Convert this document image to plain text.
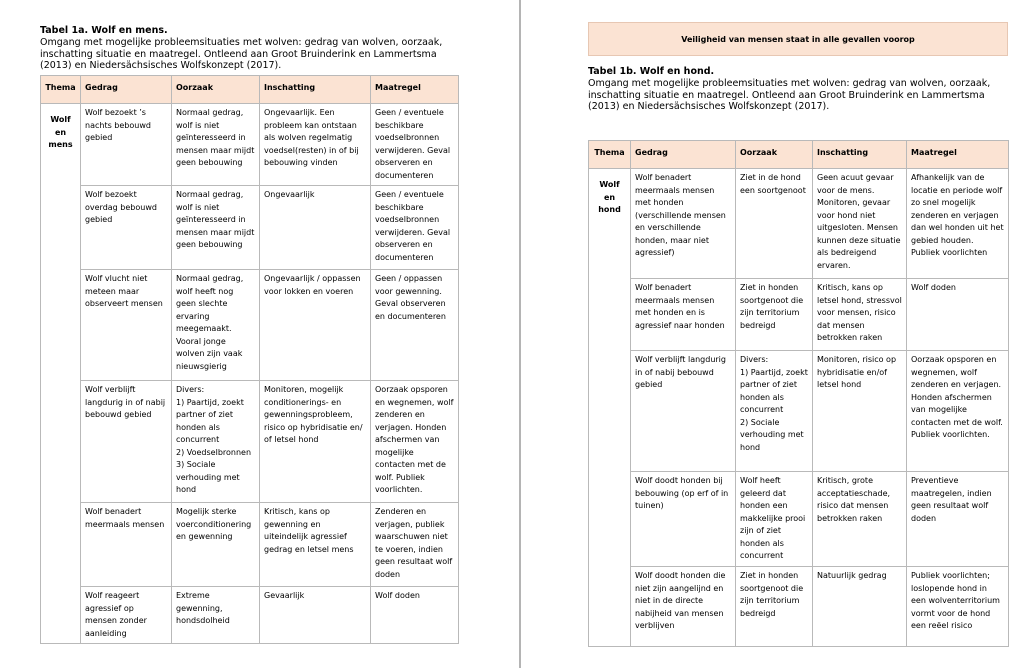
Tabel 1a. Wolf en mens.
Omgang met mogelijke probleemsituaties met wolven: gedrag van wolven, oorzaak, inschatting situatie en maatregel. Ontleend aan Groot Bruinderink en Lammertsma (2013) en Niedersächsisches Wolfskonzept (2017).
Thema	Gedrag	Oorzaak	Inschatting	Maatregel
Wolf en mens	Wolf bezoekt ’s nachts bebouwd gebied	Normaal gedrag, wolf is niet geïnteresseerd in mensen maar mijdt geen bebouwing	Ongevaarlijk. Een probleem kan ontstaan als wolven regelmatig voedsel(resten) in of bij bebouwing vinden	Geen / eventuele beschikbare voedselbronnen verwijderen. Geval observeren en documenteren
	Wolf bezoekt overdag bebouwd gebied	Normaal gedrag, wolf is niet geïnteresseerd in mensen maar mijdt geen bebouwing	Ongevaarlijk	Geen / eventuele beschikbare voedselbronnen verwijderen. Geval observeren en documenteren
	Wolf vlucht niet meteen maar observeert mensen	Normaal gedrag, wolf heeft nog geen slechte ervaring meegemaakt. Vooral jonge wolven zijn vaak nieuwsgierig	Ongevaarlijk / oppassen voor lokken en voeren	Geen / oppassen voor gewenning. Geval observeren en documenteren
	Wolf verblijft langdurig in of nabij bebouwd gebied	Divers:
1) Paartijd, zoekt partner of ziet honden als concurrent
2) Voedselbronnen
3) Sociale verhouding met hond	Monitoren, mogelijk conditionerings- en gewenningsprobleem, risico op hybridisatie en/ of letsel hond	Oorzaak opsporen en wegnemen, wolf zenderen en verjagen. Honden afschermen van mogelijke contacten met de wolf. Publiek voorlichten.
	Wolf benadert meermaals mensen	Mogelijk sterke voerconditionering en gewenning	Kritisch, kans op gewenning en uiteindelijk agressief gedrag en letsel mens	Zenderen en verjagen, publiek waarschuwen niet te voeren, indien geen resultaat wolf doden
	Wolf reageert agressief op mensen zonder aanleiding	Extreme gewenning, hondsdolheid	Gevaarlijk	Wolf doden
Veiligheid van mensen staat in alle gevallen voorop
Tabel 1b. Wolf en hond.
Omgang met mogelijke probleemsituaties met wolven: gedrag van wolven, oorzaak, inschatting situatie en maatregel. Ontleend aan Groot Bruinderink en Lammertsma (2013) en Niedersächsisches Wolfskonzept (2017).
Thema	Gedrag	Oorzaak	Inschatting	Maatregel
Wolf en hond	Wolf benadert meermaals mensen met honden (verschillende mensen en verschillende honden, maar niet agressief)	Ziet in de hond een soortgenoot	Geen acuut gevaar voor de mens. Monitoren, gevaar voor hond niet uitgesloten. Mensen kunnen deze situatie als bedreigend ervaren.	Afhankelijk van de locatie en periode wolf zo snel mogelijk zenderen en verjagen dan wel honden uit het gebied houden. Publiek voorlichten
	Wolf benadert meermaals mensen met honden en is agressief naar honden	Ziet in honden soortgenoot die zijn territorium bedreigd	Kritisch, kans op letsel hond, stressvol voor mensen, risico dat mensen betrokken raken	Wolf doden
	Wolf verblijft langdurig in of nabij bebouwd gebied	Divers:
1) Paartijd, zoekt partner of ziet honden als concurrent
2) Sociale verhouding met hond	Monitoren, risico op hybridisatie en/of letsel hond	Oorzaak opsporen en wegnemen, wolf zenderen en verjagen. Honden afschermen van mogelijke contacten met de wolf. Publiek voorlichten.
	Wolf doodt honden bij bebouwing (op erf of in tuinen)	Wolf heeft geleerd dat honden een makkelijke prooi zijn of ziet honden als concurrent	Kritisch, grote acceptatieschade, risico dat mensen betrokken raken	Preventieve maatregelen, indien geen resultaat wolf doden
	Wolf doodt honden die niet zijn aangelijnd en niet in de directe nabijheid van mensen verblijven	Ziet in honden soortgenoot die zijn territorium bedreigd	Natuurlijk gedrag	Publiek voorlichten; loslopende hond in een wolventerritorium vormt voor de hond een reëel risico
